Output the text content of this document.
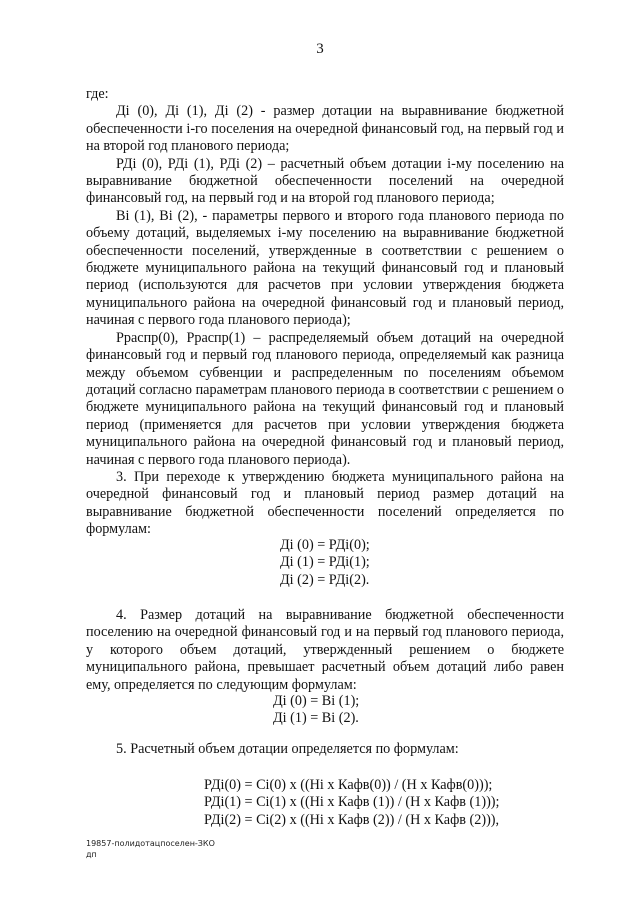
3

где:

Дi (0), Дi (1), Дi (2) - размер дотации на выравнивание бюджетной обеспеченности i-го поселения на очередной финансовый год, на первый год и на второй год планового периода;

РДi (0), РДi (1), РДi (2) – расчетный объем дотации i-му поселению на выравнивание бюджетной обеспеченности поселений на очередной финансовый год, на первый год и на второй год планового периода;

Bi (1), Bi (2), - параметры первого и второго года планового периода по объему дотаций, выделяемых i-му поселению на выравнивание бюджетной обеспеченности поселений, утвержденные в соответствии с решением о бюджете муниципального района на текущий финансовый год и плановый период (используются для расчетов при условии утверждения бюджета муниципального района на очередной финансовый год и плановый период, начиная с первого года планового периода);

Pраспр(0), Pраспр(1) – распределяемый объем дотаций на очередной финансовый год и первый год планового периода, определяемый как разница между объемом субвенции и распределенным по поселениям объемом дотаций согласно параметрам планового периода в соответствии с решением о бюджете муниципального района на текущий финансовый год и плановый период (применяется для расчетов при условии утверждения бюджета муниципального района на очередной финансовый год и плановый период, начиная с первого года планового периода).

3. При переходе к утверждению бюджета муниципального района на очередной финансовый год и плановый период размер дотаций на выравнивание бюджетной обеспеченности поселений определяется по формулам:

Дi (0) = РДi(0);
Дi (1) = РДi(1);
Дi (2) = РДi(2).

4. Размер дотаций на выравнивание бюджетной обеспеченности поселению на очередной финансовый год и на первый год планового периода, у которого объем дотаций, утвержденный решением о бюджете муниципального района, превышает расчетный объем дотаций либо равен ему, определяется по следующим формулам:

Дi (0) = Bi (1);
Дi (1) = Bi (2).

5. Расчетный объем дотации определяется по формулам:

РДi(0) = Ci(0) x ((Hi x Кафв(0)) / (H x Кафв(0)));
РДi(1) = Ci(1) x ((Hi x Кафв (1)) / (H x Кафв (1)));
РДi(2) = Ci(2) x ((Hi x Кафв (2)) / (H x Кафв (2))),
19857-полидотацпоселен-ЗКО
дп
